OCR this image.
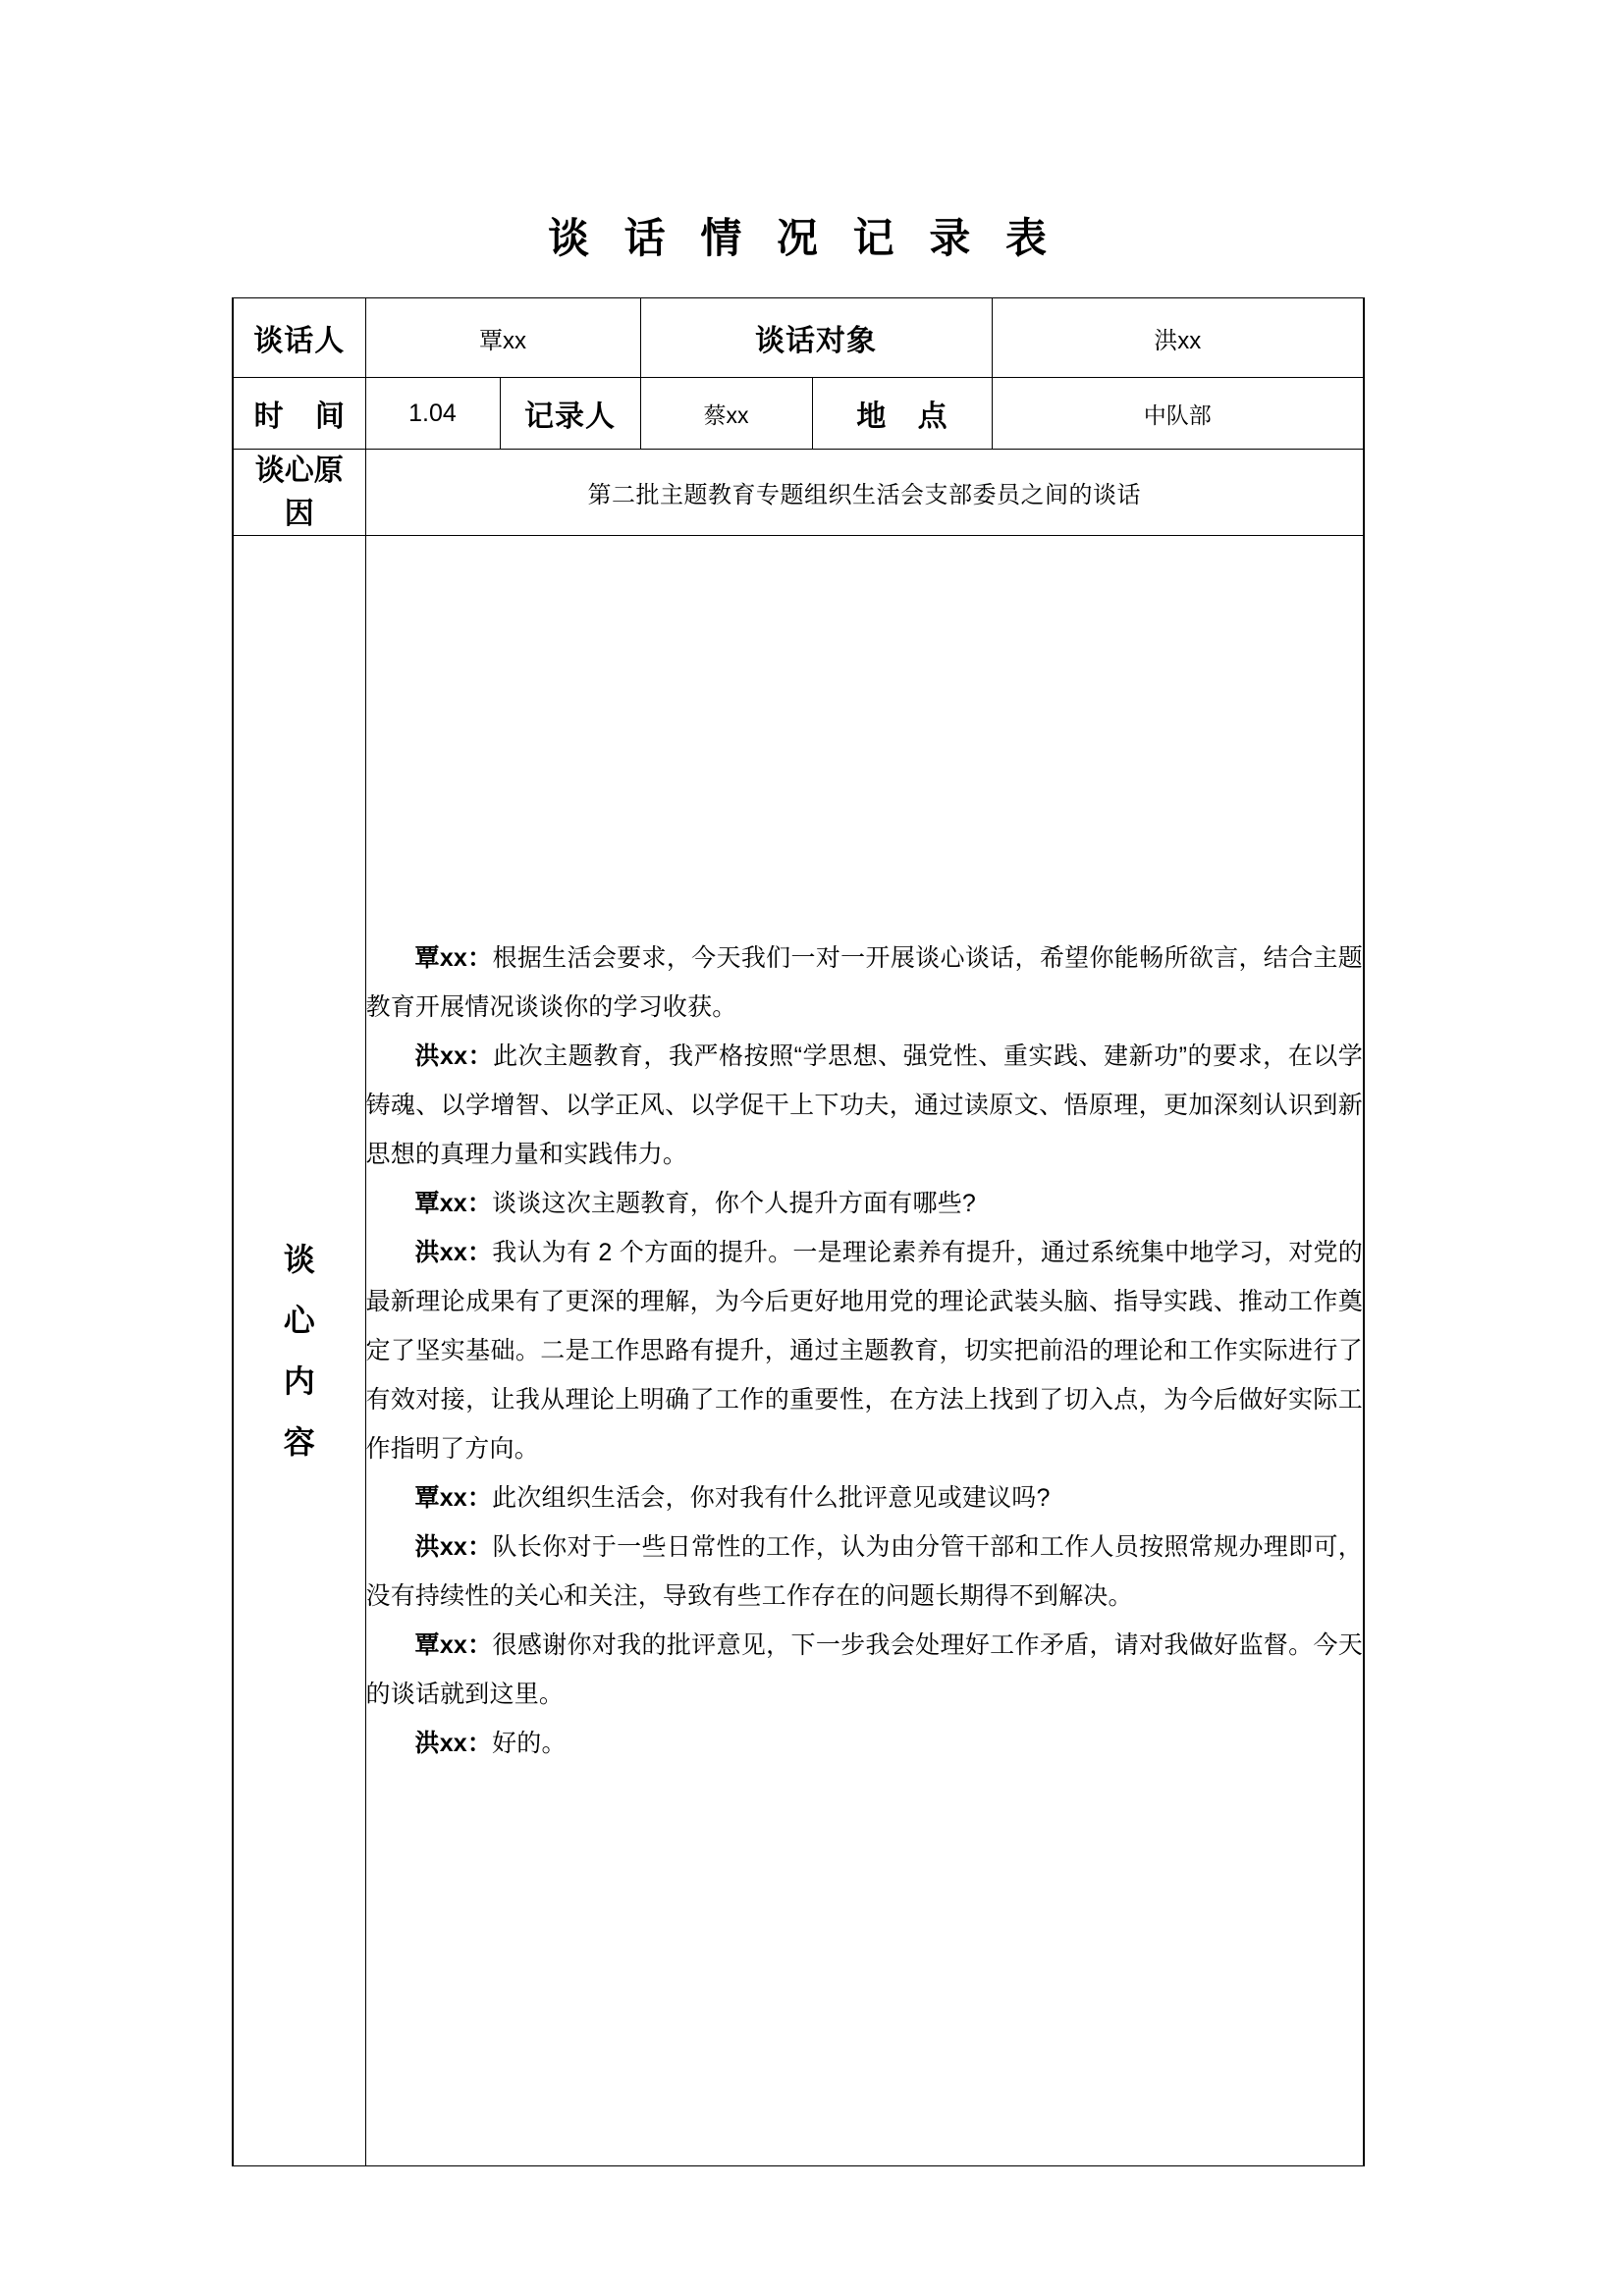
谈 话 情 况 记 录 表
谈话人	覃xx		谈话对象		洪xx
时 间	1.04	记录人	蔡xx	地 点	中队部

谈心原
因	第二批主题教育专题组织生活会支部委员之间的谈话				

谈
心
内
容

覃xx：根据生活会要求，今天我们一对一开展谈心谈话，希望你能畅所欲言，结合主题教育开展情况谈谈你的学习收获。

洪xx：此次主题教育，我严格按照“学思想、强党性、重实践、建新功”的要求，在以学铸魂、以学增智、以学正风、以学促干上下功夫，通过读原文、悟原理，更加深刻认识到新思想的真理力量和实践伟力。

覃xx：谈谈这次主题教育，你个人提升方面有哪些?

洪xx：我认为有 2 个方面的提升。一是理论素养有提升，通过系统集中地学习，对党的最新理论成果有了更深的理解，为今后更好地用党的理论武装头脑、指导实践、推动工作奠定了坚实基础。二是工作思路有提升，通过主题教育，切实把前沿的理论和工作实际进行了有效对接，让我从理论上明确了工作的重要性，在方法上找到了切入点，为今后做好实际工作指明了方向。

覃xx：此次组织生活会，你对我有什么批评意见或建议吗?

洪xx：队长你对于一些日常性的工作，认为由分管干部和工作人员按照常规办理即可，没有持续性的关心和关注，导致有些工作存在的问题长期得不到解决。

覃xx：很感谢你对我的批评意见，下一步我会处理好工作矛盾，请对我做好监督。今天的谈话就到这里。

洪xx：好的。
